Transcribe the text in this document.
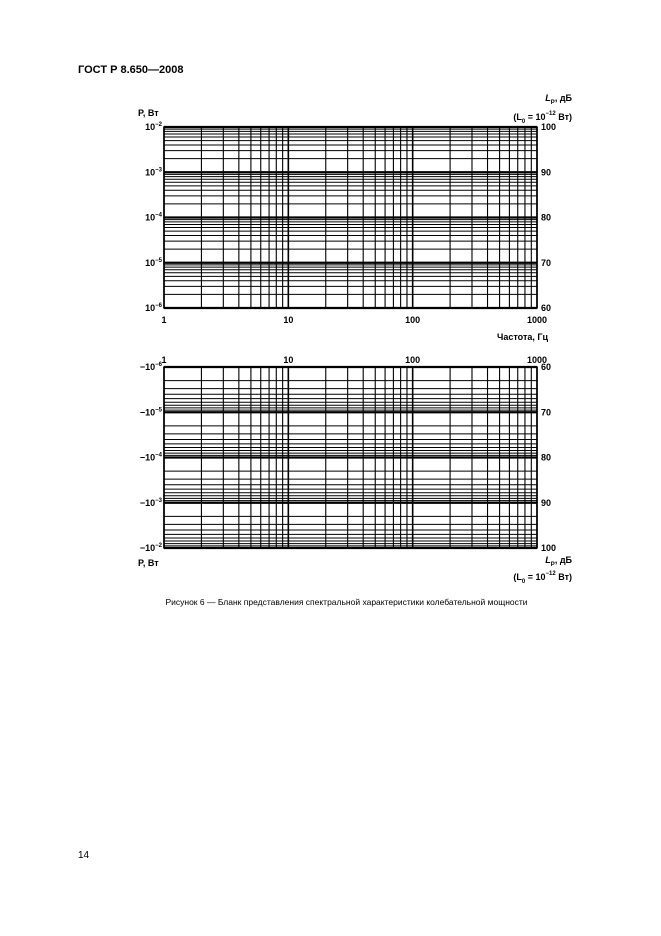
ГОСТ Р 8.650—2008
P, Вт
$L_P$, дБ
($L_0 = 10^{-12}$ Вт)
$10^{-2}$
$10^{-3}$
$10^{-4}$
$10^{-5}$
$10^{-6}$
100
90
80
70
60
1	10	100	1000
Частота, Гц
1	10	100	1000
$-10^{-6}$
$-10^{-5}$
$-10^{-4}$
$-10^{-3}$
$-10^{-2}$
60
70
80
90
100
P, Вт	$L_P$, дБ
($L_0 = 10^{-12}$ Вт)
Рисунок 6 — Бланк представления спектральной характеристики колебательной мощности
14
